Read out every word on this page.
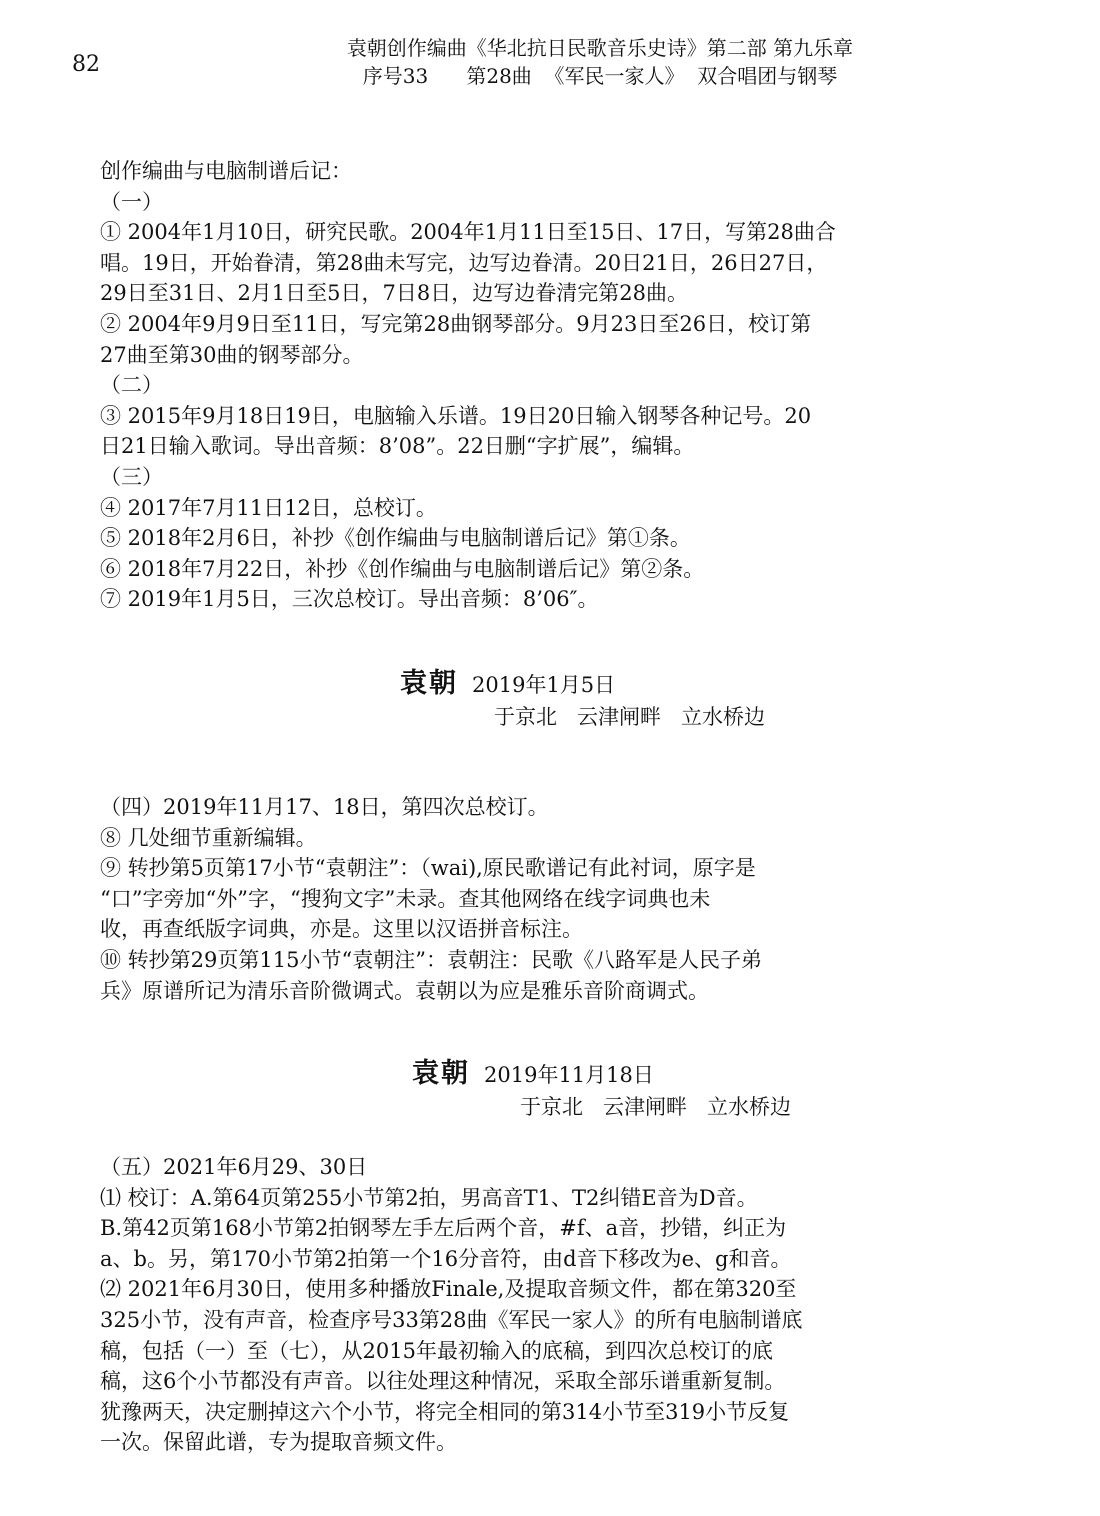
82
袁朝创作编曲《华北抗日民歌音乐史诗》第二部 第九乐章
序号33      第28曲  《军民一家人》  双合唱团与钢琴

创作编曲与电脑制谱后记：

（一）

① 2004年1月10日，研究民歌。2004年1月11日至15日、17日，写第28曲合

唱。19日，开始眷清，第28曲未写完，边写边眷清。20日21日，26日27日，

29日至31日、2月1日至5日，7日8日，边写边眷清完第28曲。

② 2004年9月9日至11日，写完第28曲钢琴部分。9月23日至26日，校订第

27曲至第30曲的钢琴部分。

（二）

③ 2015年9月18日19日，电脑输入乐谱。19日20日输入钢琴各种记号。20

日21日输入歌词。导出音频：8’08”。22日删“字扩展”，编辑。

（三）

④ 2017年7月11日12日，总校订。

⑤ 2018年2月6日，补抄《创作编曲与电脑制谱后记》第①条。

⑥ 2018年7月22日，补抄《创作编曲与电脑制谱后记》第②条。

⑦ 2019年1月5日，三次总校订。导出音频：8’06″。

袁朝 2019年1月5日
于京北   云津闸畔   立水桥边

（四）2019年11月17、18日，第四次总校订。

⑧ 几处细节重新编辑。

⑨ 转抄第5页第17小节“袁朝注”：（wai),原民歌谱记有此衬词，原字是

“口”字旁加“外”字，“搜狗文字”未录。查其他网络在线字词典也未

收，再查纸版字词典，亦是。这里以汉语拼音标注。

⑩ 转抄第29页第115小节“袁朝注”：袁朝注：民歌《八路军是人民子弟

兵》原谱所记为清乐音阶微调式。袁朝以为应是雅乐音阶商调式。

袁朝 2019年11月18日
于京北   云津闸畔   立水桥边

（五）2021年6月29、30日

⑴ 校订：A.第64页第255小节第2拍，男高音T1、T2纠错E音为D音。

B.第42页第168小节第2拍钢琴左手左后两个音，#f、a音，抄错，纠正为

a、b。另，第170小节第2拍第一个16分音符，由d音下移改为e、g和音。

⑵ 2021年6月30日，使用多种播放Finale,及提取音频文件，都在第320至

325小节，没有声音，检查序号33第28曲《军民一家人》的所有电脑制谱底

稿，包括（一）至（七），从2015年最初输入的底稿，到四次总校订的底

稿，这6个小节都没有声音。以往处理这种情况，采取全部乐谱重新复制。

犹豫两天，决定删掉这六个小节，将完全相同的第314小节至319小节反复

一次。保留此谱，专为提取音频文件。
